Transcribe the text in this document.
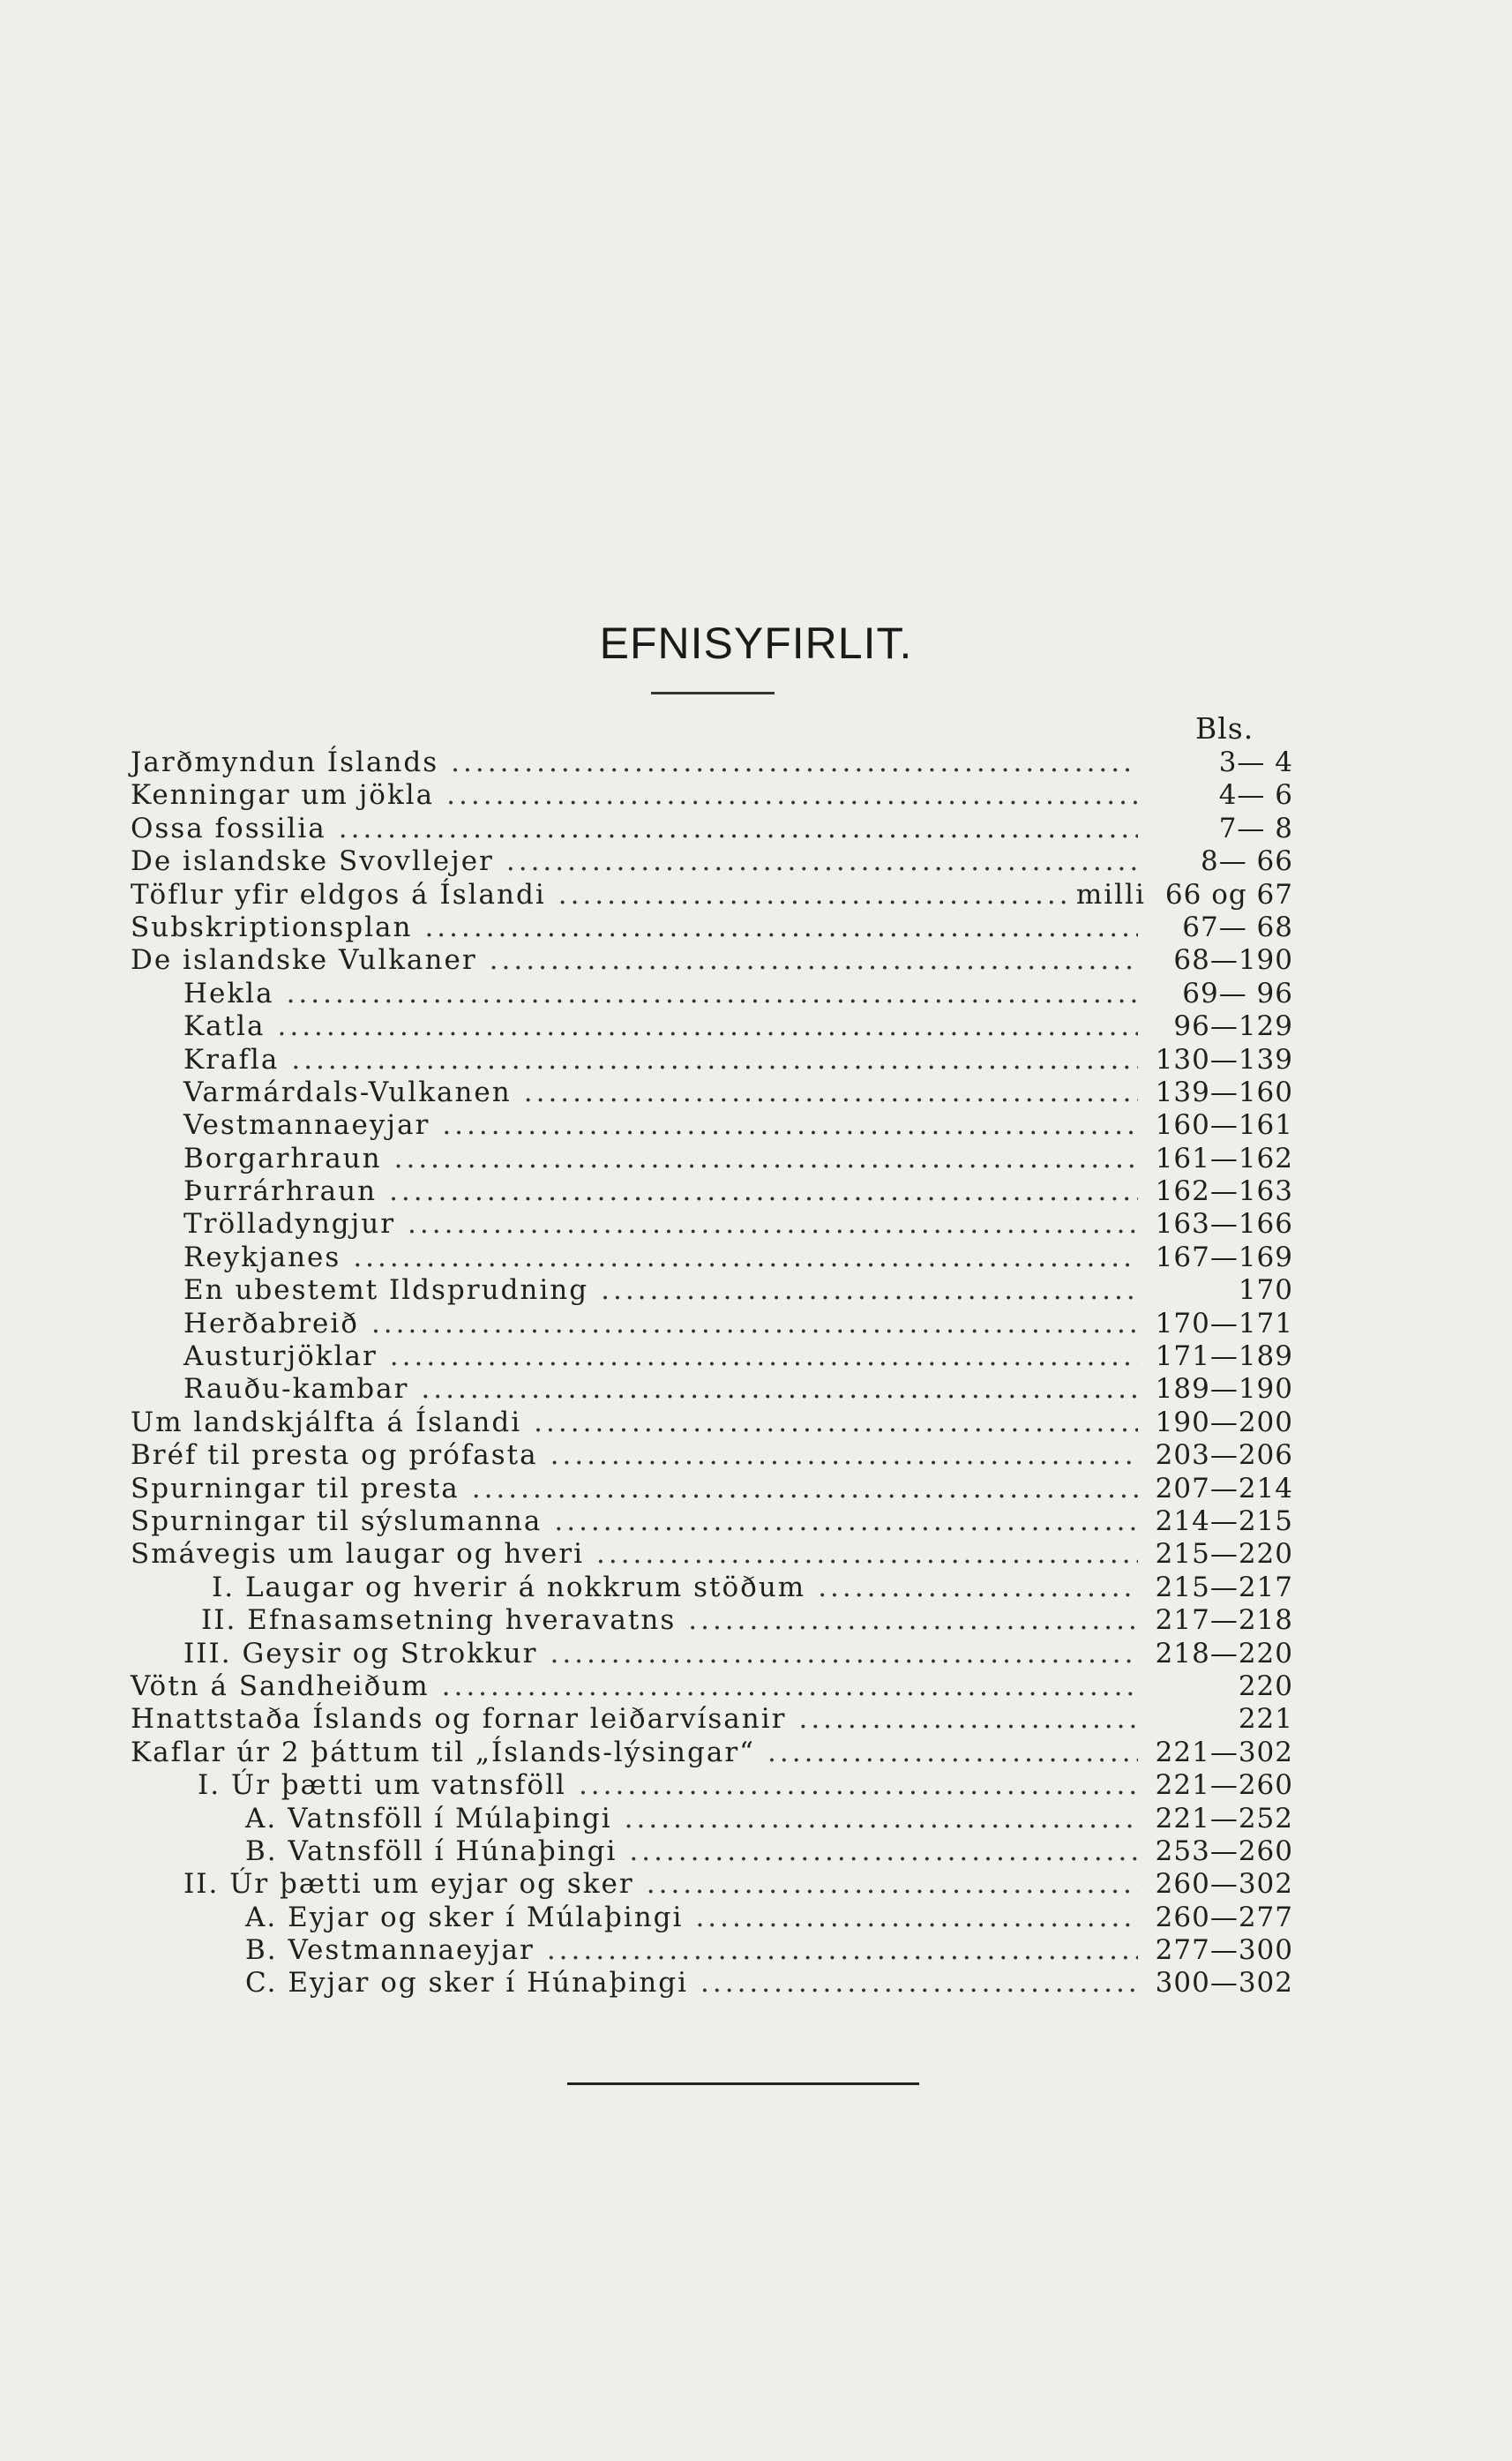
EFNISYFIRLIT.
Bls.
Jarðmyndun Íslands .....	3— 4
Kenningar um jökla .....	4— 6
Ossa fossilia .....	7— 8
De islandske Svovllejer .....	8— 66
Töflur yfir eldgos á Íslandi .....	milli 66 og 67
Subskriptionsplan .....	67— 68
De islandske Vulkaner .....	68—190
Hekla .....	69— 96
Katla .....	96—129
Krafla .....	130—139
Varmárdals-Vulkanen .....	139—160
Vestmannaeyjar .....	160—161
Borgarhraun .....	161—162
Þurrárhraun .....	162—163
Trölladyngjur .....	163—166
Reykjanes .....	167—169
En ubestemt Ildsprudning .....	170
Herðabreið .....	170—171
Austurjöklar .....	171—189
Rauðu-kambar .....	189—190
Um landskjálfta á Íslandi .....	190—200
Bréf til presta og prófasta .....	203—206
Spurningar til presta .....	207—214
Spurningar til sýslumanna .....	214—215
Smávegis um laugar og hveri .....	215—220
I. Laugar og hverir á nokkrum stöðum .....	215—217
II. Efnasamsetning hveravatns .....	217—218
III. Geysir og Strokkur .....	218—220
Vötn á Sandheiðum .....	220
Hnattstaða Íslands og fornar leiðarvísanir .....	221
Kaflar úr 2 þáttum til „Íslands-lýsingar“ .....	221—302
I. Úr þætti um vatnsföll .....	221—260
A. Vatnsföll í Múlaþingi .....	221—252
B. Vatnsföll í Húnaþingi .....	253—260
II. Úr þætti um eyjar og sker .....	260—302
A. Eyjar og sker í Múlaþingi .....	260—277
B. Vestmannaeyjar .....	277—300
C. Eyjar og sker í Húnaþingi .....	300—302
